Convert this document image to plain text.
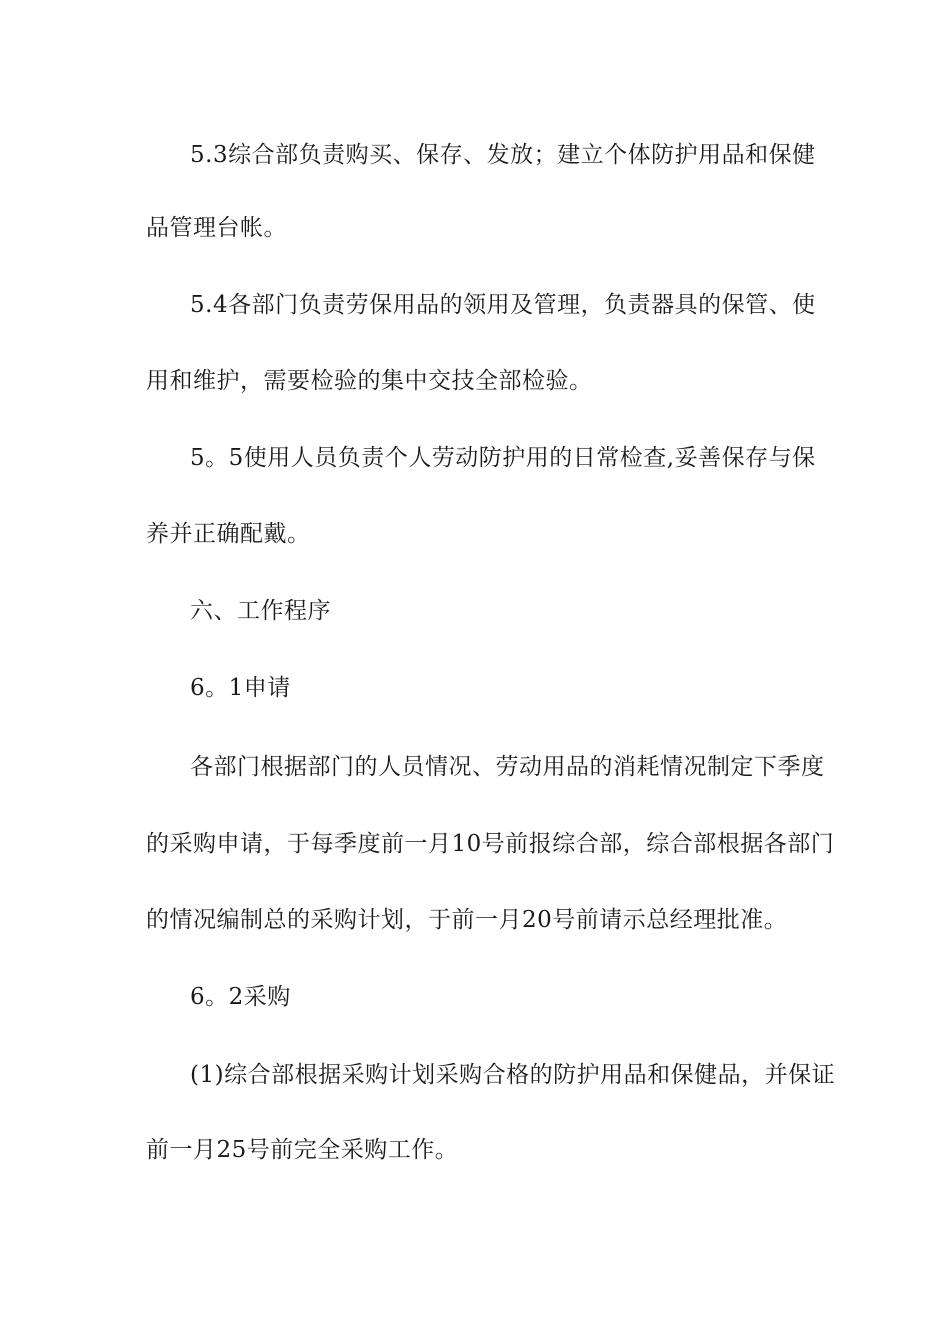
5.3综合部负责购买、保存、发放；建立个体防护用品和保健
品管理台帐。
5.4各部门负责劳保用品的领用及管理，负责器具的保管、使
用和维护，需要检验的集中交技全部检验。
5。5使用人员负责个人劳动防护用的日常检查,妥善保存与保
养并正确配戴。
六、工作程序
6。1申请
各部门根据部门的人员情况、劳动用品的消耗情况制定下季度
的采购申请，于每季度前一月10号前报综合部，综合部根据各部门
的情况编制总的采购计划，于前一月20号前请示总经理批准。
6。2采购
(1)综合部根据采购计划采购合格的防护用品和保健品，并保证
前一月25号前完全采购工作。
